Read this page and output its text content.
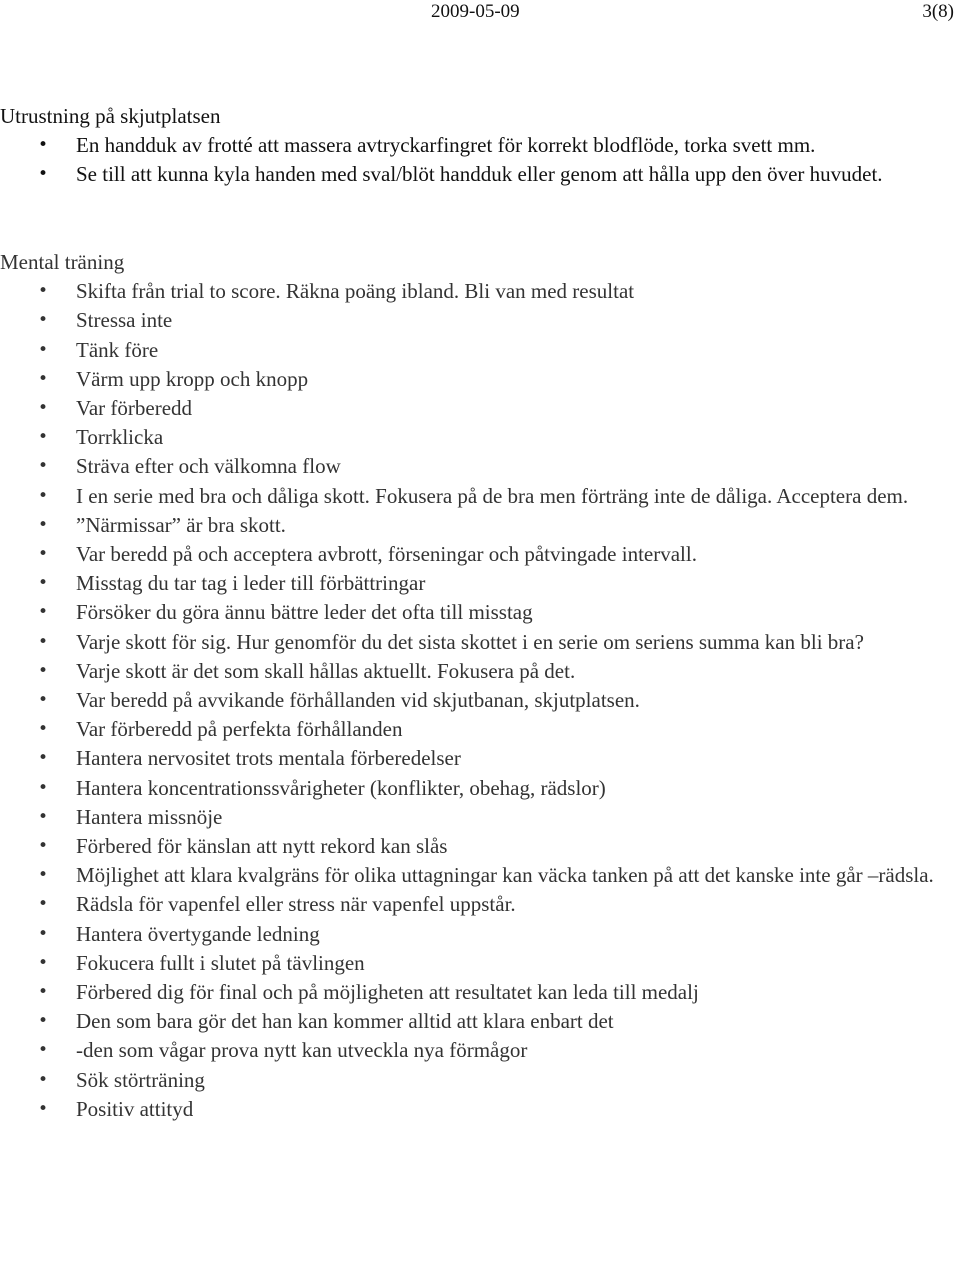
2009-05-09	3(8)
Utrustning på skjutplatsen
• En handduk av frotté att massera avtryckarfingret för korrekt blodflöde, torka svett mm.
• Se till att kunna kyla handen med sval/blöt handduk eller genom att hålla upp den över huvudet.
Mental träning
• Skifta från trial to score. Räkna poäng ibland. Bli van med resultat
• Stressa inte
• Tänk före
• Värm upp kropp och knopp
• Var förberedd
• Torrklicka
• Sträva efter och välkomna flow
• I en serie med bra och dåliga skott. Fokusera på de bra men förträng inte de dåliga. Acceptera dem.
• ”Närmissar” är bra skott.
• Var beredd på och acceptera avbrott, förseningar och påtvingade intervall.
• Misstag du tar tag i leder till förbättringar
• Försöker du göra ännu bättre leder det ofta till misstag
• Varje skott för sig. Hur genomför du det sista skottet i en serie om seriens summa kan bli bra?
• Varje skott är det som skall hållas aktuellt. Fokusera på det.
• Var beredd på avvikande förhållanden vid skjutbanan, skjutplatsen.
• Var förberedd på perfekta förhållanden
• Hantera nervositet trots mentala förberedelser
• Hantera koncentrationssvårigheter (konflikter, obehag, rädslor)
• Hantera missnöje
• Förbered för känslan att nytt rekord kan slås
• Möjlighet att klara kvalgräns för olika uttagningar kan väcka tanken på att det kanske inte går –rädsla.
• Rädsla för vapenfel eller stress när vapenfel uppstår.
• Hantera övertygande ledning
• Fokucera fullt i slutet på tävlingen
• Förbered dig för final och på möjligheten att resultatet kan leda till medalj
• Den som bara gör det han kan kommer alltid att klara enbart det
• -den som vågar prova nytt kan utveckla nya förmågor
• Sök störträning
• Positiv attityd
